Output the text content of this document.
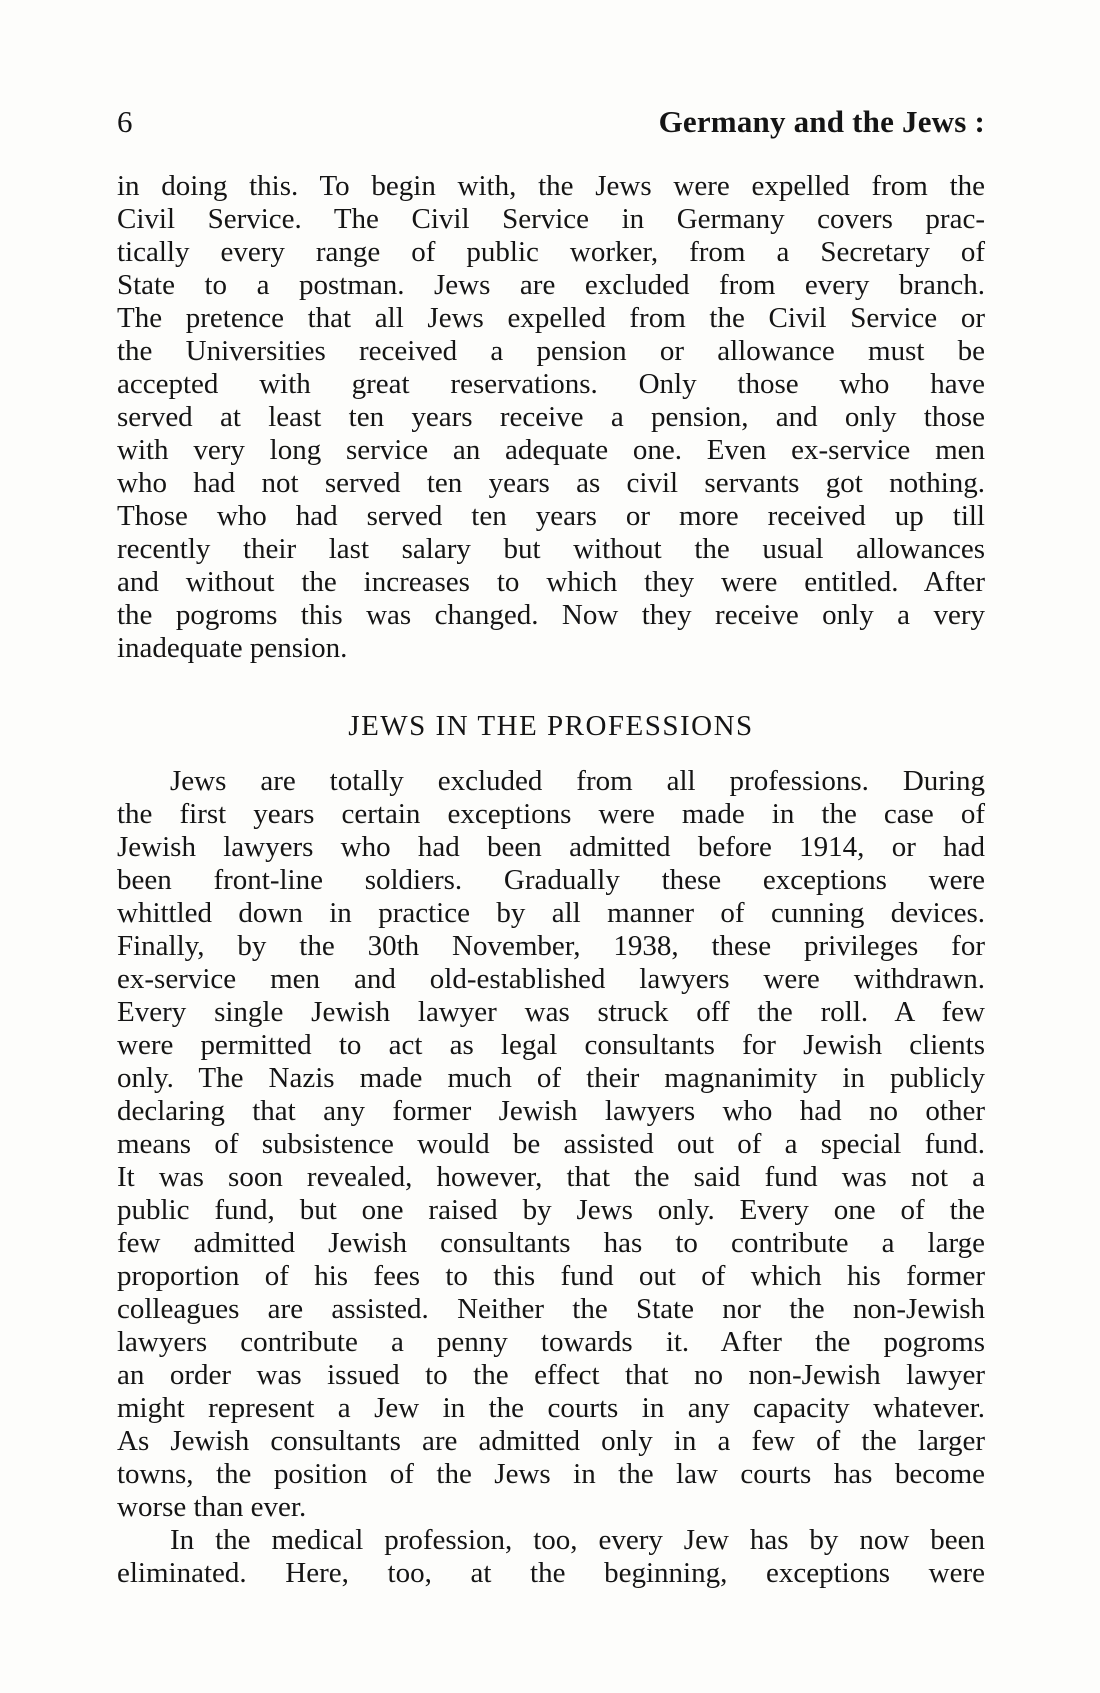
6	Germany and the Jews :
in doing this. To begin with, the Jews were expelled from the
Civil Service. The Civil Service in Germany covers prac-
tically every range of public worker, from a Secretary of
State to a postman. Jews are excluded from every branch.
The pretence that all Jews expelled from the Civil Service or
the Universities received a pension or allowance must be
accepted with great reservations. Only those who have
served at least ten years receive a pension, and only those
with very long service an adequate one. Even ex-service men
who had not served ten years as civil servants got nothing.
Those who had served ten years or more received up till
recently their last salary but without the usual allowances
and without the increases to which they were entitled. After
the pogroms this was changed. Now they receive only a very
inadequate pension.
JEWS IN THE PROFESSIONS
Jews are totally excluded from all professions. During
the first years certain exceptions were made in the case of
Jewish lawyers who had been admitted before 1914, or had
been front-line soldiers. Gradually these exceptions were
whittled down in practice by all manner of cunning devices.
Finally, by the 30th November, 1938, these privileges for
ex-service men and old-established lawyers were withdrawn.
Every single Jewish lawyer was struck off the roll. A few
were permitted to act as legal consultants for Jewish clients
only. The Nazis made much of their magnanimity in publicly
declaring that any former Jewish lawyers who had no other
means of subsistence would be assisted out of a special fund.
It was soon revealed, however, that the said fund was not a
public fund, but one raised by Jews only. Every one of the
few admitted Jewish consultants has to contribute a large
proportion of his fees to this fund out of which his former
colleagues are assisted. Neither the State nor the non-Jewish
lawyers contribute a penny towards it. After the pogroms
an order was issued to the effect that no non-Jewish lawyer
might represent a Jew in the courts in any capacity whatever.
As Jewish consultants are admitted only in a few of the larger
towns, the position of the Jews in the law courts has become
worse than ever.
In the medical profession, too, every Jew has by now been
eliminated. Here, too, at the beginning, exceptions were
